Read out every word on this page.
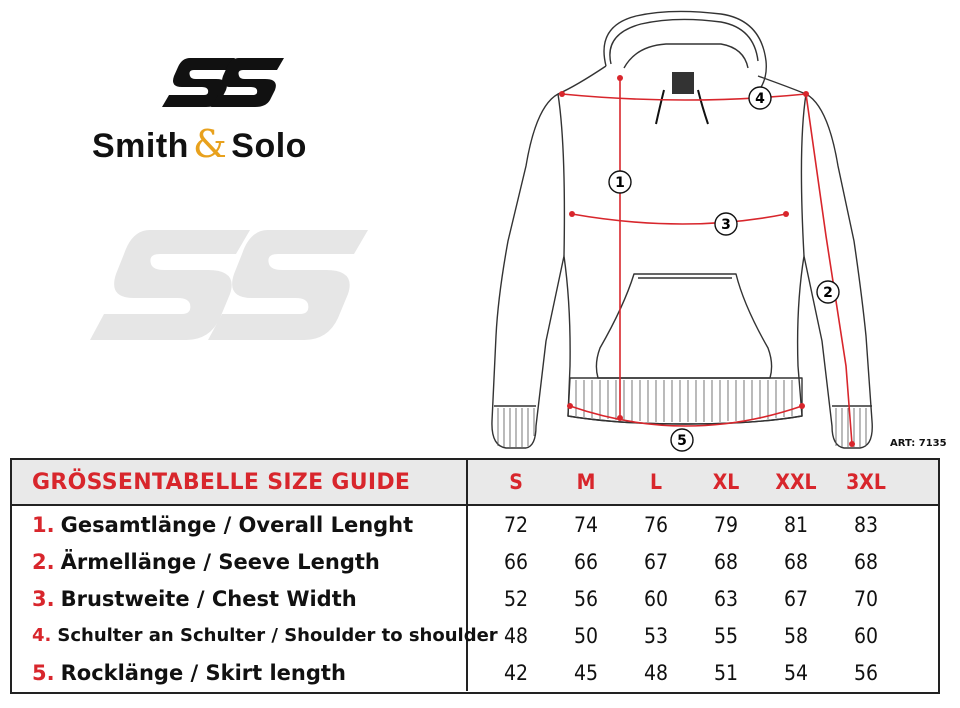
Smith & Solo
1
2
3
4
5	ART: 7135
GRÖSSENTABELLE SIZE GUIDE	S	M	L	XL	XXL	3XL
1. Gesamtlänge / Overall Lenght	72	74	76	79	81	83
2. Ärmellänge / Seeve Length	66	66	67	68	68	68
3. Brustweite / Chest Width	52	56	60	63	67	70
4. Schulter an Schulter / Shoulder to shoulder 48	50	53	55	58	60
5. Rocklänge / Skirt length	42	45	48	51	54	56
